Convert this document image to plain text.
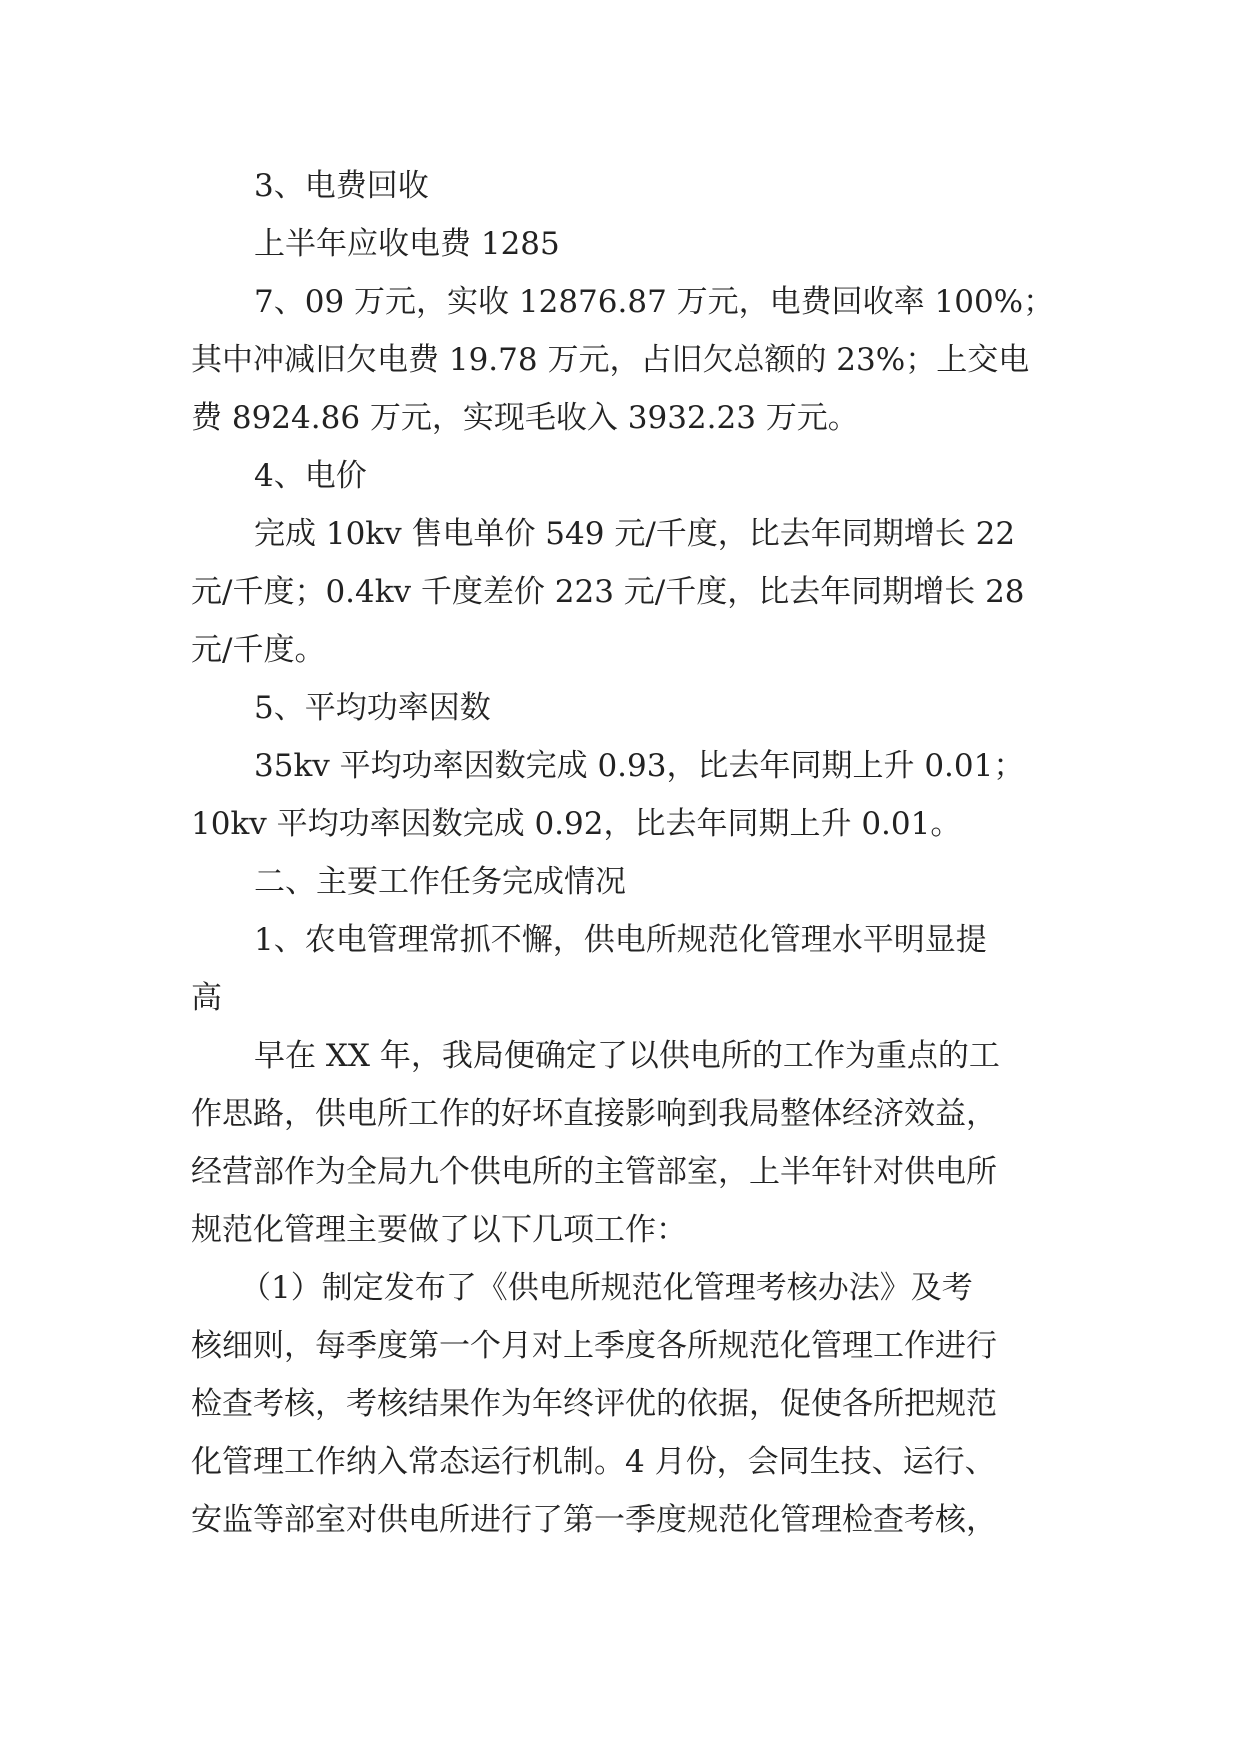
3、电费回收
上半年应收电费 1285
7、09 万元，实收 12876.87 万元，电费回收率 100%；
其中冲减旧欠电费 19.78 万元，占旧欠总额的 23%；上交电
费 8924.86 万元，实现毛收入 3932.23 万元。
4、电价
完成 10kv 售电单价 549 元/千度，比去年同期增长 22
元/千度；0.4kv 千度差价 223 元/千度，比去年同期增长 28
元/千度。
5、平均功率因数
35kv 平均功率因数完成 0.93，比去年同期上升 0.01；
10kv 平均功率因数完成 0.92，比去年同期上升 0.01。
二、主要工作任务完成情况
1、农电管理常抓不懈，供电所规范化管理水平明显提
高
早在 XX 年，我局便确定了以供电所的工作为重点的工
作思路，供电所工作的好坏直接影响到我局整体经济效益，
经营部作为全局九个供电所的主管部室，上半年针对供电所
规范化管理主要做了以下几项工作：
（1）制定发布了《供电所规范化管理考核办法》及考
核细则，每季度第一个月对上季度各所规范化管理工作进行
检查考核，考核结果作为年终评优的依据，促使各所把规范
化管理工作纳入常态运行机制。4 月份，会同生技、运行、
安监等部室对供电所进行了第一季度规范化管理检查考核，
